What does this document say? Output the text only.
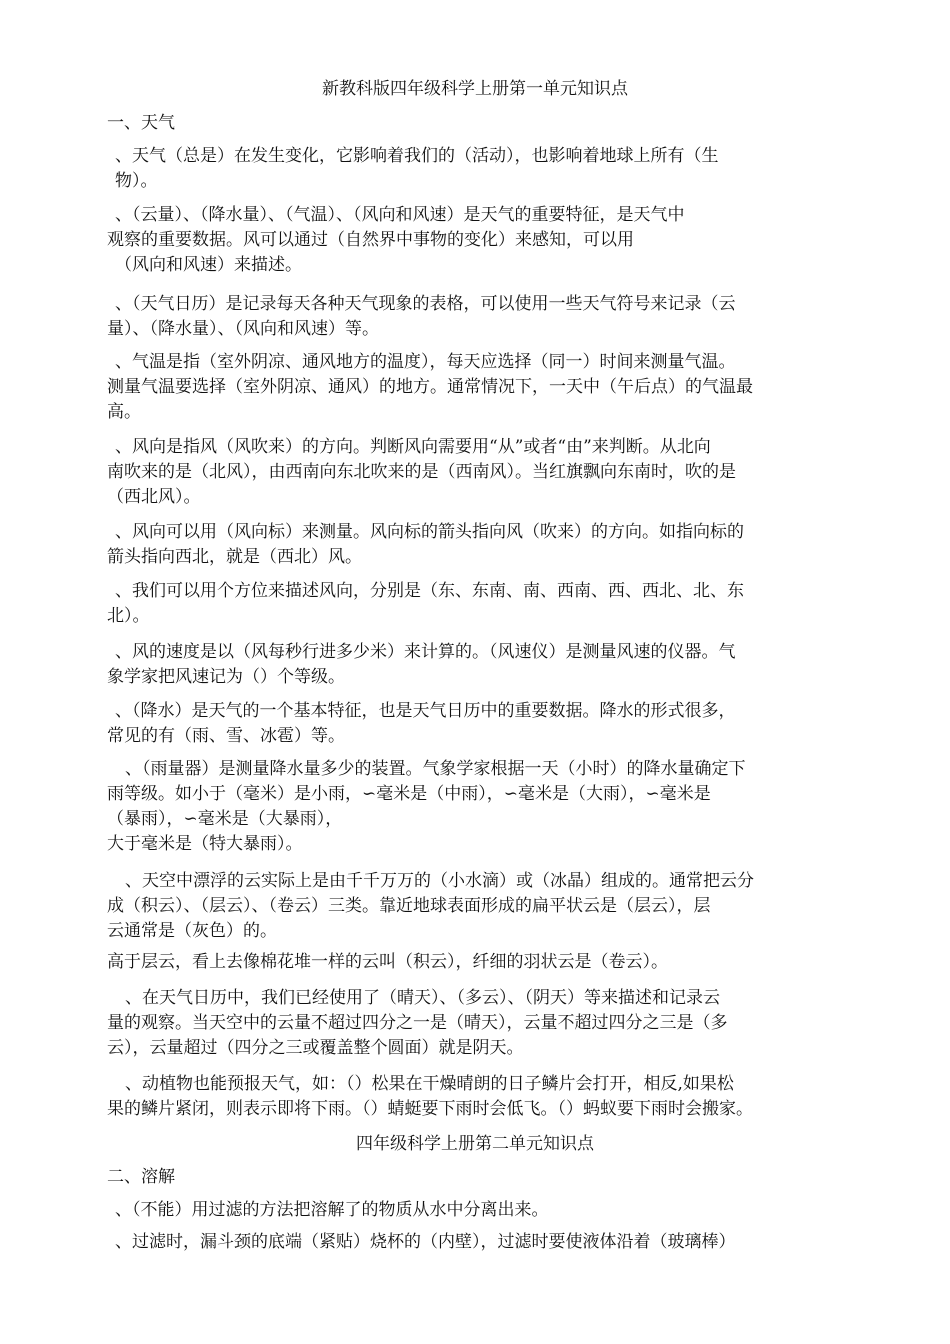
新教科版四年级科学上册第一单元知识点
一、天气
、天气（总是）在发生变化，它影响着我们的（活动），也影响着地球上所有（生
物）。
、（云量）、（降水量）、（气温）、（风向和风速）是天气的重要特征，是天气中
观察的重要数据。风可以通过（自然界中事物的变化）来感知，可以用
（风向和风速）来描述。
、（天气日历）是记录每天各种天气现象的表格，可以使用一些天气符号来记录（云
量）、（降水量）、（风向和风速）等。
、气温是指（室外阴凉、通风地方的温度），每天应选择（同一）时间来测量气温。
测量气温要选择（室外阴凉、通风）的地方。通常情况下，一天中（午后点）的气温最
高。
、风向是指风（风吹来）的方向。判断风向需要用“从”或者“由”来判断。从北向
南吹来的是（北风），由西南向东北吹来的是（西南风）。当红旗飘向东南时，吹的是
（西北风）。
、风向可以用（风向标）来测量。风向标的箭头指向风（吹来）的方向。如指向标的
箭头指向西北，就是（西北）风。
、我们可以用个方位来描述风向，分别是（东、东南、南、西南、西、西北、北、东
北）。
、风的速度是以（风每秒行进多少米）来计算的。（风速仪）是测量风速的仪器。气
象学家把风速记为（）个等级。
、（降水）是天气的一个基本特征，也是天气日历中的重要数据。降水的形式很多，
常见的有（雨、雪、冰雹）等。
、（雨量器）是测量降水量多少的装置。气象学家根据一天（小时）的降水量确定下
雨等级。如小于（毫米）是小雨，∽毫米是（中雨），∽毫米是（大雨），∽毫米是
（暴雨），∽毫米是（大暴雨），
大于毫米是（特大暴雨）。
、天空中漂浮的云实际上是由千千万万的（小水滴）或（冰晶）组成的。通常把云分
成（积云）、（层云）、（卷云）三类。靠近地球表面形成的扁平状云是（层云），层
云通常是（灰色）的。
高于层云，看上去像棉花堆一样的云叫（积云），纤细的羽状云是（卷云）。
、在天气日历中，我们已经使用了（晴天）、（多云）、（阴天）等来描述和记录云
量的观察。当天空中的云量不超过四分之一是（晴天），云量不超过四分之三是（多
云），云量超过（四分之三或覆盖整个圆面）就是阴天。
、动植物也能预报天气，如：（）松果在干燥晴朗的日子鳞片会打开，相反,如果松
果的鳞片紧闭，则表示即将下雨。（）蜻蜓要下雨时会低飞。（）蚂蚁要下雨时会搬家。
四年级科学上册第二单元知识点
二、溶解
、（不能）用过滤的方法把溶解了的物质从水中分离出来。
、过滤时，漏斗颈的底端（紧贴）烧杯的（内壁），过滤时要使液体沿着（玻璃棒）
